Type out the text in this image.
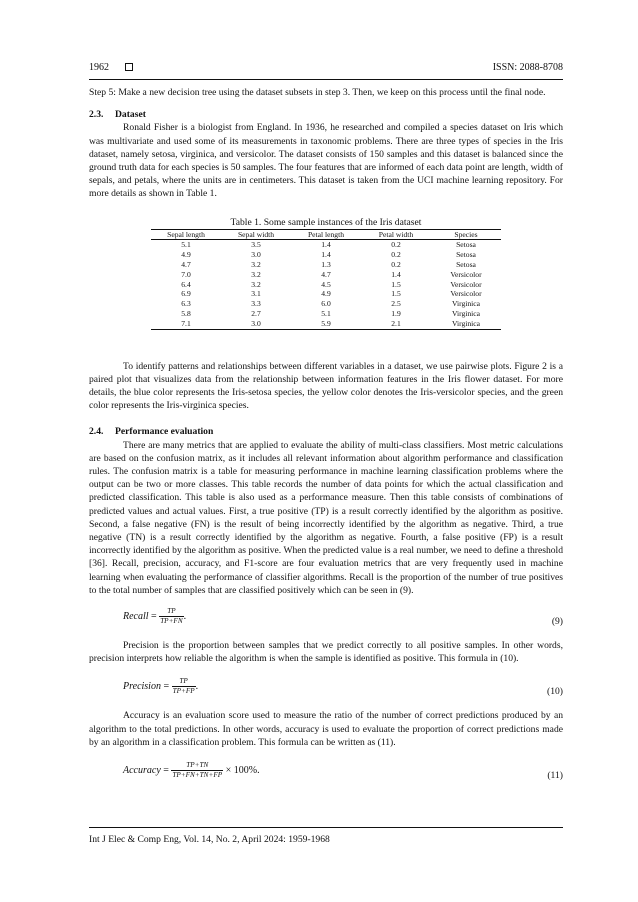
1962	ISSN: 2088-8708

Step 5: Make a new decision tree using the dataset subsets in step 3. Then, we keep on this process until the final node.

2.3. Dataset

Ronald Fisher is a biologist from England. In 1936, he researched and compiled a species dataset on Iris which was multivariate and used some of its measurements in taxonomic problems. There are three types of species in the Iris dataset, namely setosa, virginica, and versicolor. The dataset consists of 150 samples and this dataset is balanced since the ground truth data for each species is 50 samples. The four features that are informed of each data point are length, width of sepals, and petals, where the units are in centimeters. This dataset is taken from the UCI machine learning repository. For more details as shown in Table 1.

Table 1. Some sample instances of the Iris dataset
Sepal length	Sepal width	Petal length	Petal width	Species
5.1	3.5	1.4	0.2	Setosa
4.9	3.0	1.4	0.2	Setosa
4.7	3.2	1.3	0.2	Setosa
7.0	3.2	4.7	1.4	Versicolor
6.4	3.2	4.5	1.5	Versicolor
6.9	3.1	4.9	1.5	Versicolor
6.3	3.3	6.0	2.5	Virginica
5.8	2.7	5.1	1.9	Virginica
7.1	3.0	5.9	2.1	Virginica

To identify patterns and relationships between different variables in a dataset, we use pairwise plots. Figure 2 is a paired plot that visualizes data from the relationship between information features in the Iris flower dataset. For more details, the blue color represents the Iris-setosa species, the yellow color denotes the Iris-versicolor species, and the green color represents the Iris-virginica species.

2.4. Performance evaluation

There are many metrics that are applied to evaluate the ability of multi-class classifiers. Most metric calculations are based on the confusion matrix, as it includes all relevant information about algorithm performance and classification rules. The confusion matrix is a table for measuring performance in machine learning classification problems where the output can be two or more classes. This table records the number of data points for which the actual classification and predicted classification. This table is also used as a performance measure. Then this table consists of combinations of predicted values and actual values. First, a true positive (TP) is a result correctly identified by the algorithm as positive. Second, a false negative (FN) is the result of being incorrectly identified by the algorithm as negative. Third, a true negative (TN) is a result correctly identified by the algorithm as negative. Fourth, a false positive (FP) is a result incorrectly identified by the algorithm as positive. When the predicted value is a real number, we need to define a threshold [36]. Recall, precision, accuracy, and F1-score are four evaluation metrics that are very frequently used in machine learning when evaluating the performance of classifier algorithms. Recall is the proportion of the number of true positives to the total number of samples that are classified positively which can be seen in (9).

Recall = $\frac{TP}{TP+FN}$ .	(9)

Precision is the proportion between samples that we predict correctly to all positive samples. In other words, precision interprets how reliable the algorithm is when the sample is identified as positive. This formula in (10).

Precision = $\frac{TP}{TP+FP}$ .	(10)

Accuracy is an evaluation score used to measure the ratio of the number of correct predictions produced by an algorithm to the total predictions. In other words, accuracy is used to evaluate the proportion of correct predictions made by an algorithm in a classification problem. This formula can be written as (11).

Accuracy = $\frac{TP+TN}{TP+FN+TN+FP} \times 100\%$.	(11)
Int J Elec & Comp Eng, Vol. 14, No. 2, April 2024: 1959-1968
